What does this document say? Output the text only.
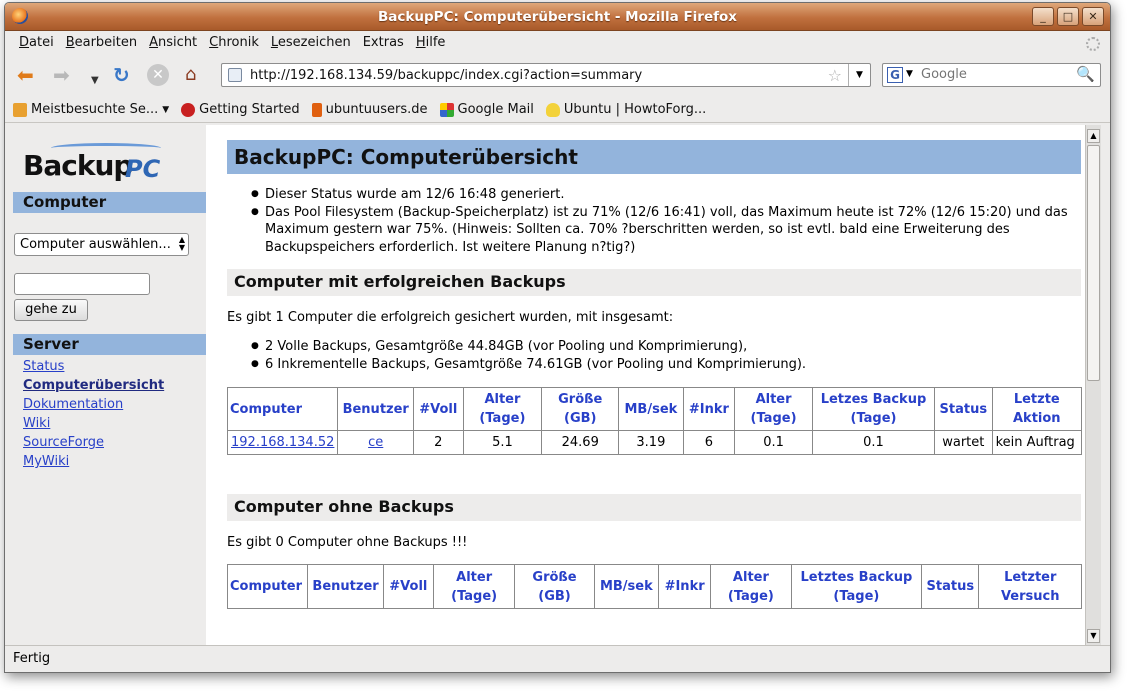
BackupPC: Computerübersicht - Mozilla Firefox	_	□	✕
Datei Bearbeiten Ansicht Chronik Lesezeichen Extras Hilfe
⬅ ➡ ▼ ↻	✕ ⌂	http://192.168.134.59/backuppc/index.cgi?action=summary	☆	▼	G ▼
Google	🔍
Meistbesuchte Se... ▼ Getting Started ubuntuusers.de Google Mail Ubuntu | HowtoForg...
Backup
PC
Computer
Computer auswählen... ▲
▼
gehe zu
Server
Status
Computerübersicht
Dokumentation
Wiki
SourceForge
MyWiki
BackupPC: Computerübersicht
● Dieser Status wurde am 12/6 16:48 generiert.
● Das Pool Filesystem (Backup-Speicherplatz) ist zu 71% (12/6 16:41) voll, das Maximum heute ist 72% (12/6 15:20) und das Maximum gestern war 75%. (Hinweis: Sollten ca. 70% ?berschritten werden, so ist evtl. bald eine Erweiterung des Backupspeichers erforderlich. Ist weitere Planung n?tig?)
Computer mit erfolgreichen Backups
Es gibt 1 Computer die erfolgreich gesichert wurden, mit insgesamt:
● 2 Volle Backups, Gesamtgröße 44.84GB (vor Pooling und Komprimierung),
● 6 Inkrementelle Backups, Gesamtgröße 74.61GB (vor Pooling und Komprimierung).
Computer	Benutzer	#Voll	Alter (Tage)	Größe (GB)	MB/sek	#Inkr	Alter (Tage)	Letzes Backup (Tage)	Status	Letzte Aktion
192.168.134.52	ce	2	5.1	24.69	3.19	6	0.1	0.1	wartet	kein Auftrag
Computer ohne Backups
Es gibt 0 Computer ohne Backups !!!
Computer	Benutzer	#Voll	Alter (Tage)	Größe (GB)	MB/sek	#Inkr	Alter (Tage)	Letztes Backup (Tage)	Status	Letzter Versuch
▲
▼
Fertig
